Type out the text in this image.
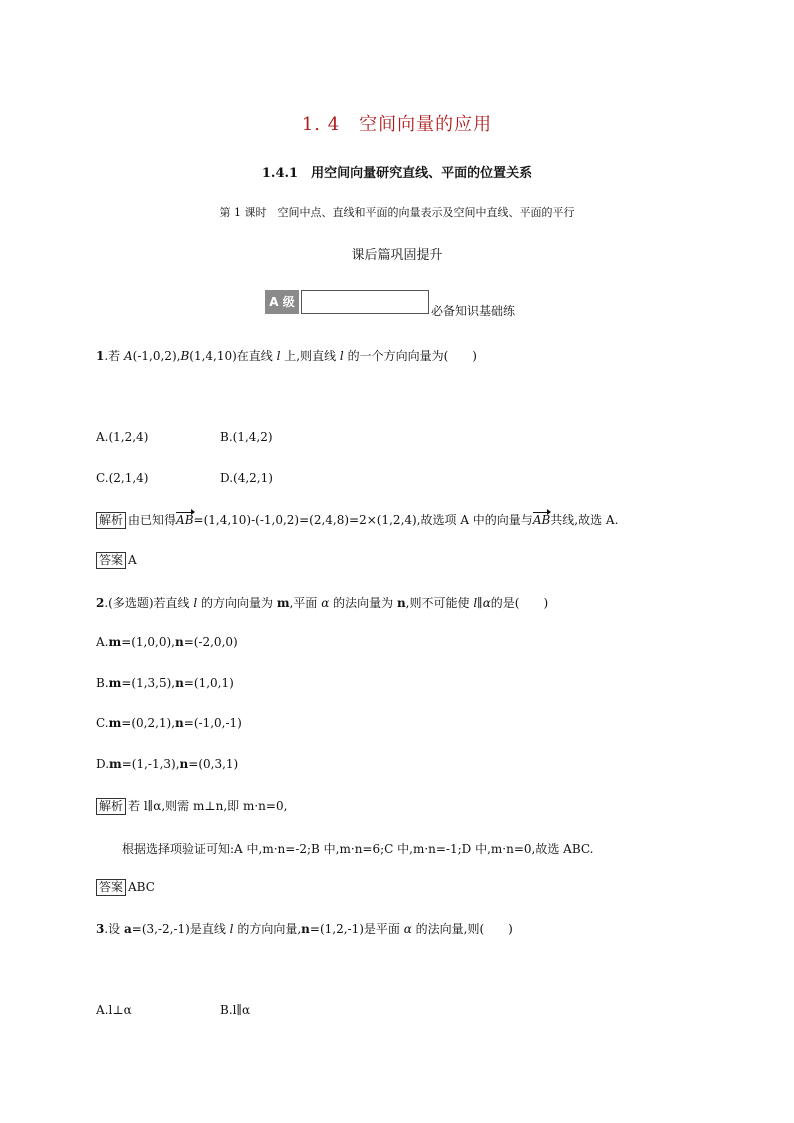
1. 4　空间向量的应用
1.4.1　用空间向量研究直线、平面的位置关系
第 1 课时　空间中点、直线和平面的向量表示及空间中直线、平面的平行
课后篇巩固提升
A 级
必备知识基础练
1.若 A(-1,0,2),B(1,4,10)在直线 l 上,则直线 l 的一个方向向量为(　　)
A.(1,2,4)	B.(1,4,2)
C.(2,1,4)	D.(4,2,1)
解析 由已知得AB=(1,4,10)-(-1,0,2)=(2,4,8)=2×(1,2,4),故选项 A 中的向量与AB共线,故选 A.
答案 A
2.(多选题)若直线 l 的方向向量为 m,平面 α 的法向量为 n,则不可能使 l∥α的是(　　)
A.m=(1,0,0),n=(-2,0,0)
B.m=(1,3,5),n=(1,0,1)
C.m=(0,2,1),n=(-1,0,-1)
D.m=(1,-1,3),n=(0,3,1)
解析 若 l∥α,则需 m⊥n,即 m·n=0,
根据选择项验证可知:A 中,m·n=-2;B 中,m·n=6;C 中,m·n=-1;D 中,m·n=0,故选 ABC.
答案 ABC
3.设 a=(3,-2,-1)是直线 l 的方向向量,n=(1,2,-1)是平面 α 的法向量,则(　　)
A.l⊥α	B.l∥α
